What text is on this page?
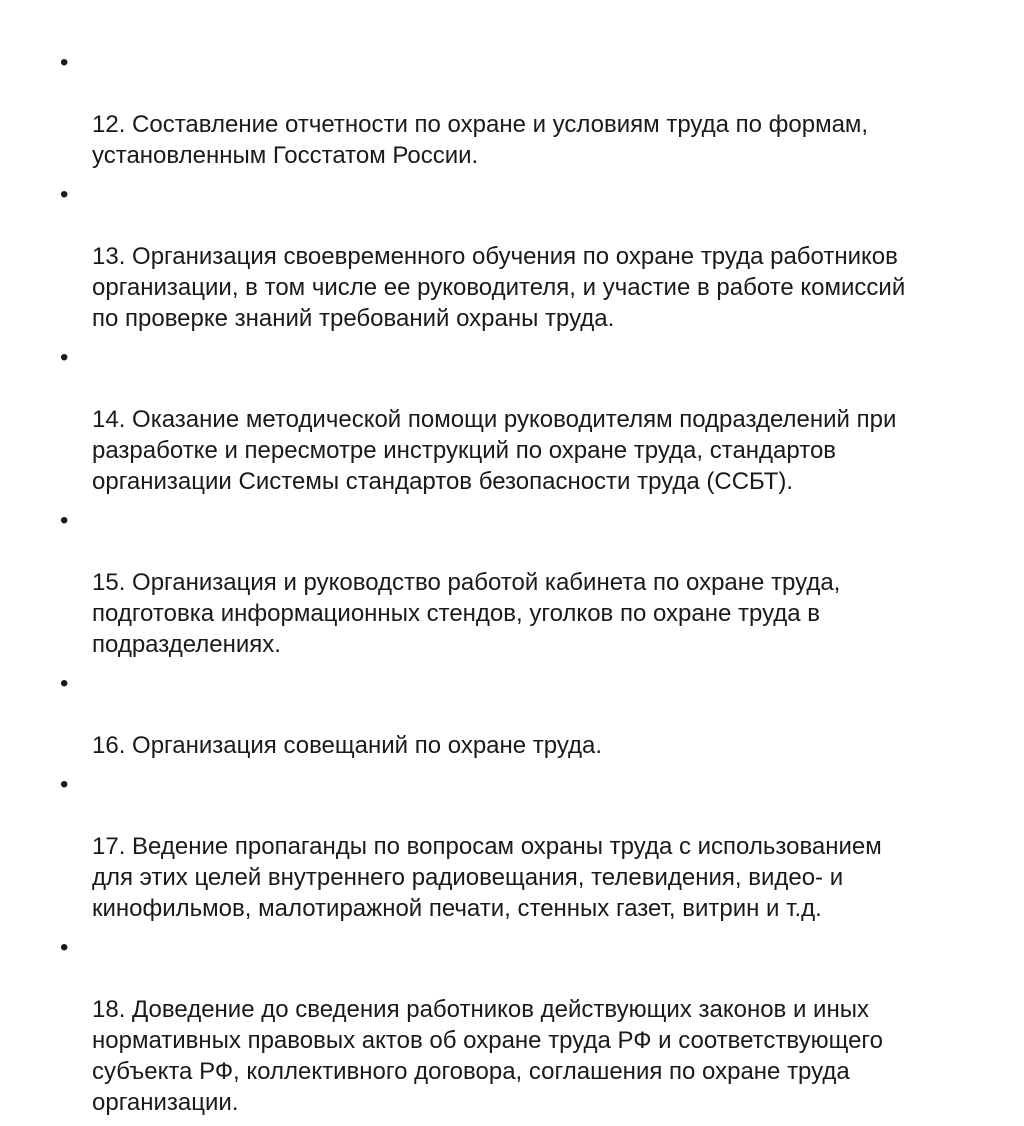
•

12. Составление отчетности по охране и условиям труда по формам,
установленным Госстатом России.

•

13. Организация своевременного обучения по охране труда работников
организации, в том числе ее руководителя, и участие в работе комиссий
по проверке знаний требований охраны труда.

•

14. Оказание методической помощи руководителям подразделений при
разработке и пересмотре инструкций по охране труда, стандартов
организации Системы стандартов безопасности труда (ССБТ).

•

15. Организация и руководство работой кабинета по охране труда,
подготовка информационных стендов, уголков по охране труда в
подразделениях.

•

16. Организация совещаний по охране труда.

•

17. Ведение пропаганды по вопросам охраны труда с использованием
для этих целей внутреннего радиовещания, телевидения, видео- и
кинофильмов, малотиражной печати, стенных газет, витрин и т.д.

•

18. Доведение до сведения работников действующих законов и иных
нормативных правовых актов об охране труда РФ и соответствующего
субъекта РФ, коллективного договора, соглашения по охране труда
организации.
